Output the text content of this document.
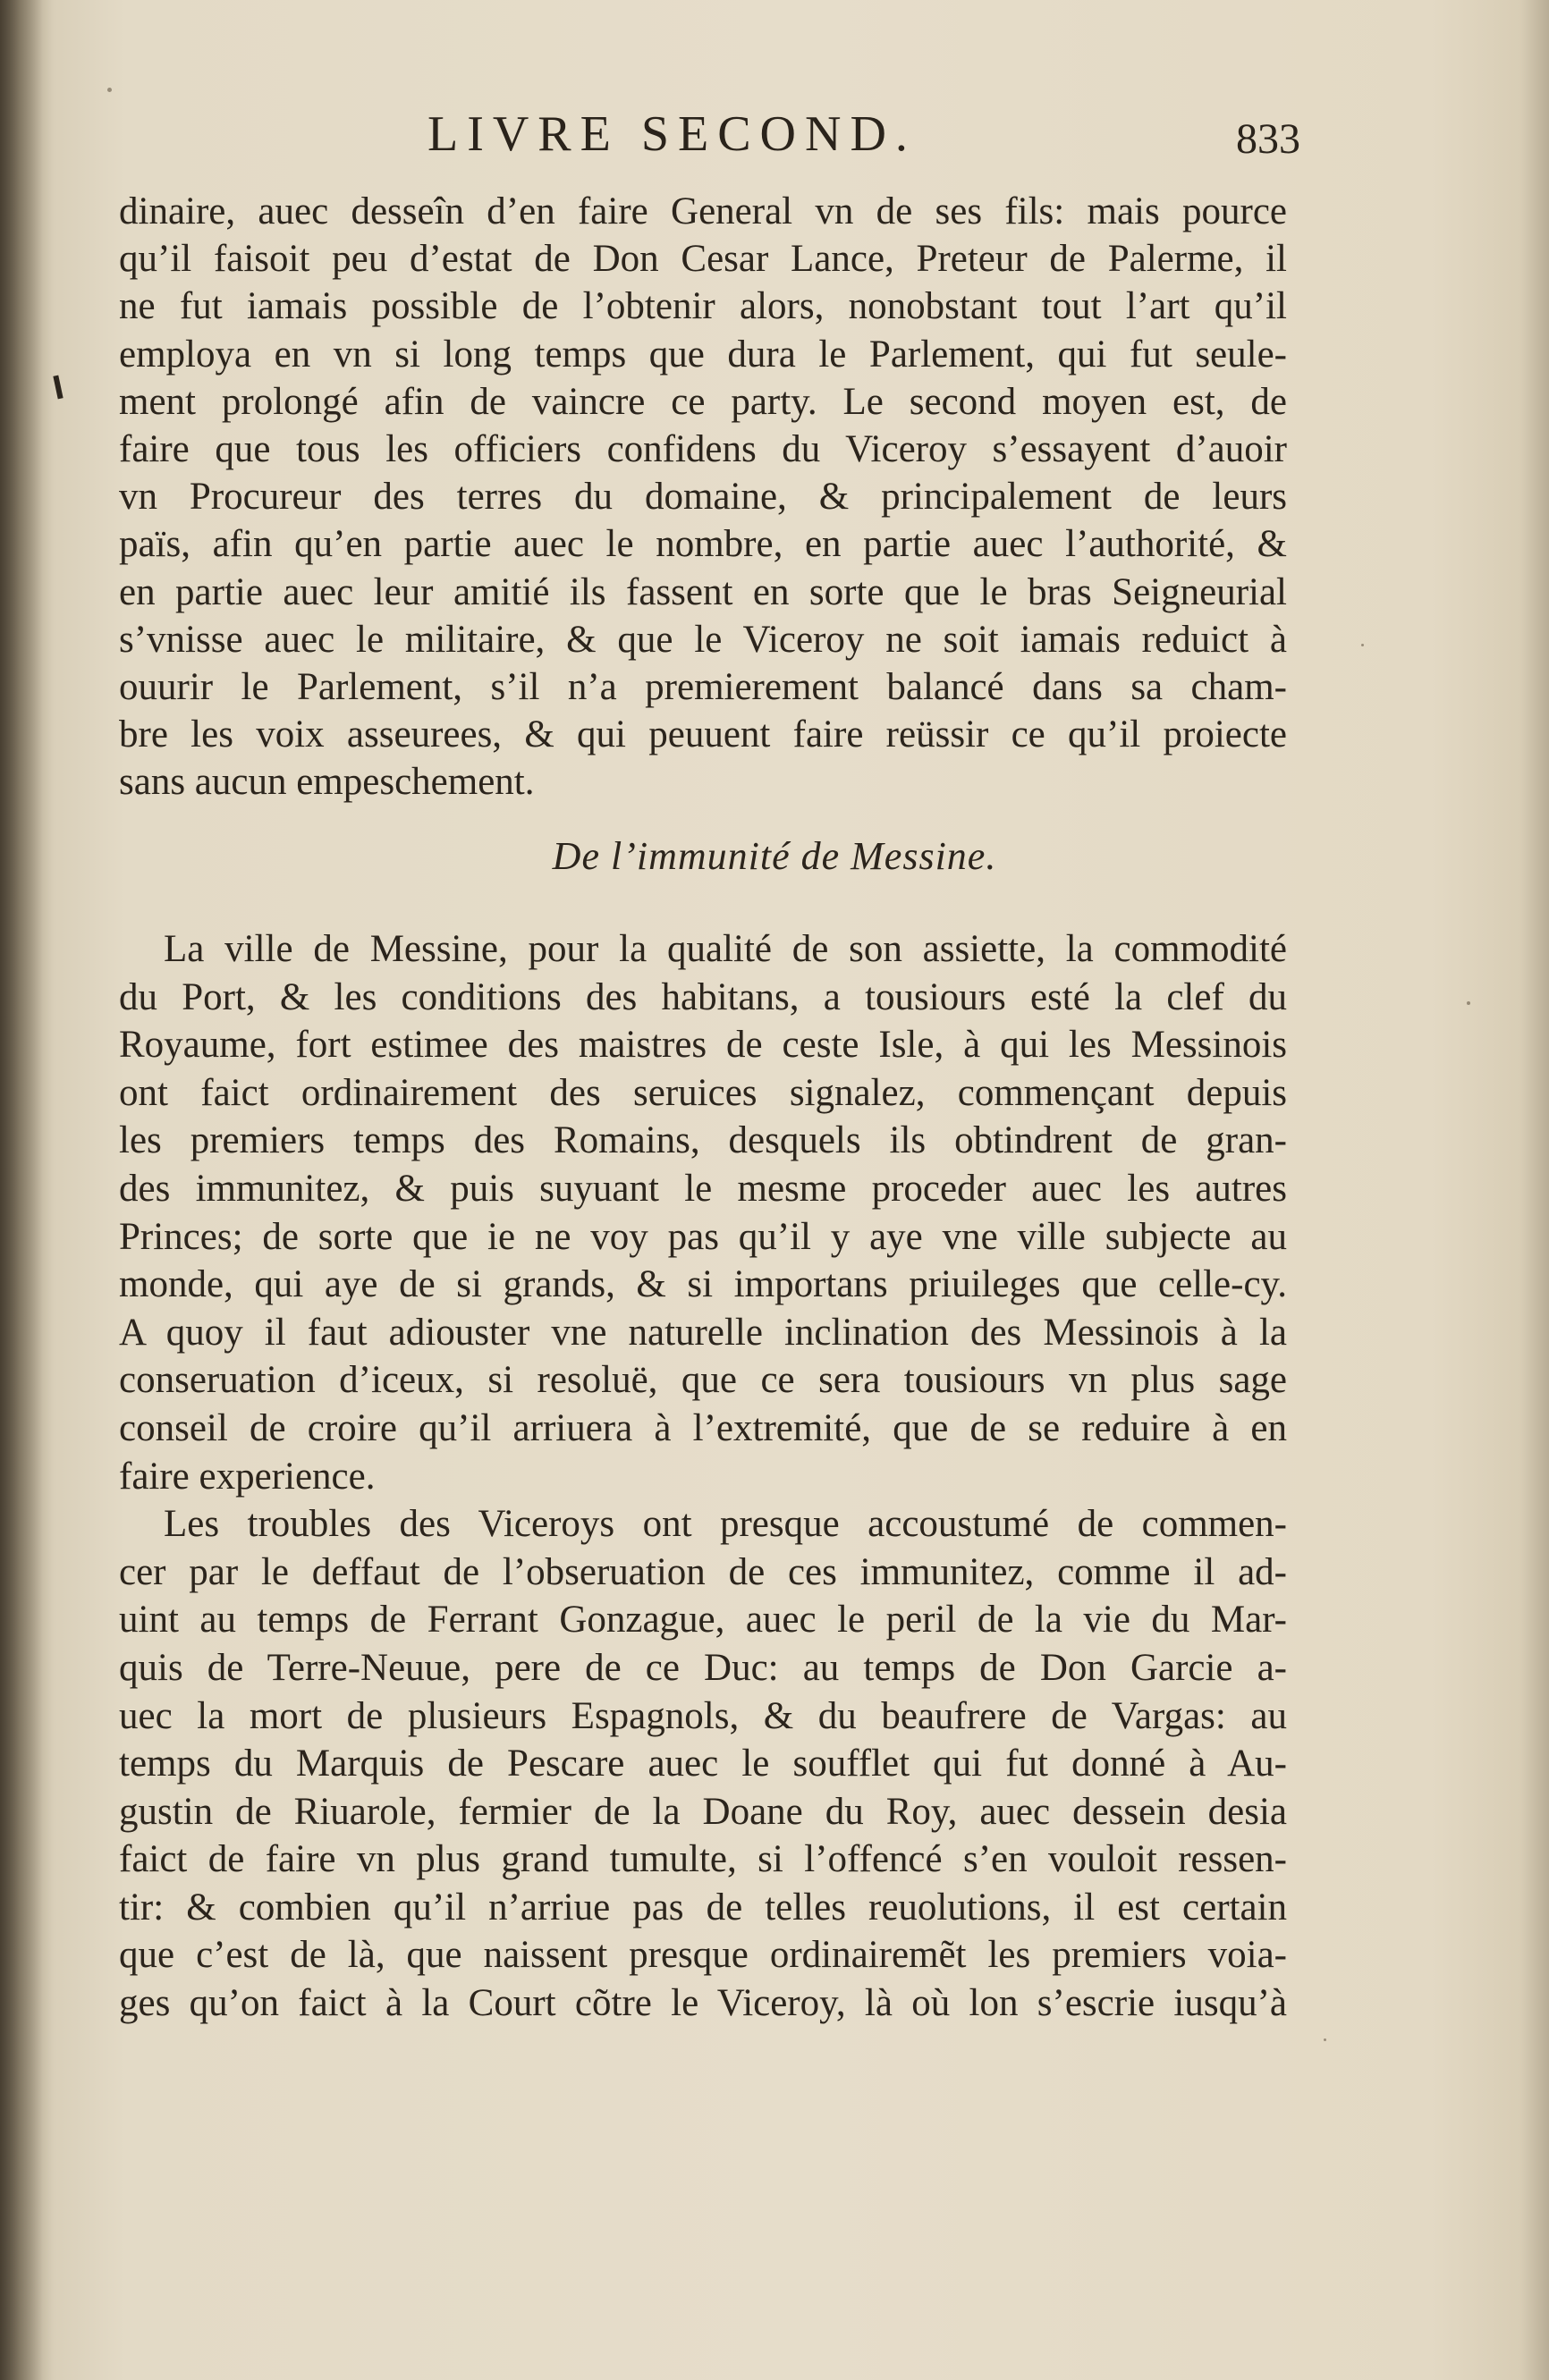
LIVRE SECOND.	833
dinaire, auec desseîn d’en faire General vn de ses fils: mais pource
qu’il faisoit peu d’estat de Don Cesar Lance, Preteur de Palerme, il
ne fut iamais possible de l’obtenir alors, nonobstant tout l’art qu’il
employa en vn si long temps que dura le Parlement, qui fut seule-
ment prolongé afin de vaincre ce party. Le second moyen est, de
faire que tous les officiers confidens du Viceroy s’essayent d’auoir
vn Procureur des terres du domaine, & principalement de leurs
païs, afin qu’en partie auec le nombre, en partie auec l’authorité, &
en partie auec leur amitié ils fassent en sorte que le bras Seigneurial
s’vnisse auec le militaire, & que le Viceroy ne soit iamais reduict à
ouurir le Parlement, s’il n’a premierement balancé dans sa cham-
bre les voix asseurees, & qui peuuent faire reüssir ce qu’il proiecte
sans aucun empeschement.
De l’immunité de Messine.
La ville de Messine, pour la qualité de son assiette, la commodité
du Port, & les conditions des habitans, a tousiours esté la clef du
Royaume, fort estimee des maistres de ceste Isle, à qui les Messinois
ont faict ordinairement des seruices signalez, commençant depuis
les premiers temps des Romains, desquels ils obtindrent de gran-
des immunitez, & puis suyuant le mesme proceder auec les autres
Princes; de sorte que ie ne voy pas qu’il y aye vne ville subjecte au
monde, qui aye de si grands, & si importans priuileges que celle-cy.
A quoy il faut adiouster vne naturelle inclination des Messinois à la
conseruation d’iceux, si resoluë, que ce sera tousiours vn plus sage
conseil de croire qu’il arriuera à l’extremité, que de se reduire à en
faire experience.
Les troubles des Viceroys ont presque accoustumé de commen-
cer par le deffaut de l’obseruation de ces immunitez, comme il ad-
uint au temps de Ferrant Gonzague, auec le peril de la vie du Mar-
quis de Terre-Neuue, pere de ce Duc: au temps de Don Garcie a-
uec la mort de plusieurs Espagnols, & du beaufrere de Vargas: au
temps du Marquis de Pescare auec le soufflet qui fut donné à Au-
gustin de Riuarole, fermier de la Doane du Roy, auec dessein desia
faict de faire vn plus grand tumulte, si l’offencé s’en vouloit ressen-
tir: & combien qu’il n’arriue pas de telles reuolutions, il est certain
que c’est de là, que naissent presque ordinairemẽt les premiers voia-
ges qu’on faict à la Court cõtre le Viceroy, là où lon s’escrie iusqu’à
